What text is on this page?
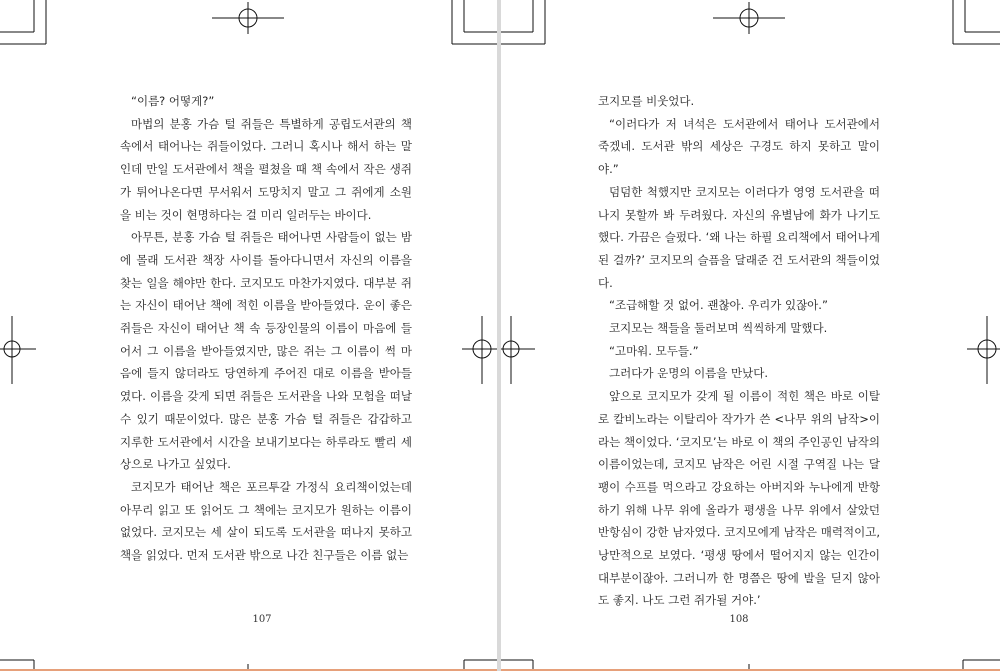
“이름? 어떻게?”

마법의 분홍 가슴 털 쥐들은 특별하게 공립도서관의 책 속에서 태어나는 쥐들이었다. 그러니 혹시나 해서 하는 말인데 만일 도서관에서 책을 펼쳤을 때 책 속에서 작은 생쥐가 튀어나온다면 무서워서 도망치지 말고 그 쥐에게 소원을 비는 것이 현명하다는 걸 미리 일러두는 바이다.

아무튼, 분홍 가슴 털 쥐들은 태어나면 사람들이 없는 밤에 몰래 도서관 책장 사이를 돌아다니면서 자신의 이름을 찾는 일을 해야만 한다. 코지모도 마찬가지였다. 대부분 쥐는 자신이 태어난 책에 적힌 이름을 받아들였다. 운이 좋은 쥐들은 자신이 태어난 책 속 등장인물의 이름이 마음에 들어서 그 이름을 받아들였지만, 많은 쥐는 그 이름이 썩 마음에 들지 않더라도 당연하게 주어진 대로 이름을 받아들였다. 이름을 갖게 되면 쥐들은 도서관을 나와 모험을 떠날 수 있기 때문이었다. 많은 분홍 가슴 털 쥐들은 갑갑하고 지루한 도서관에서 시간을 보내기보다는 하루라도 빨리 세상으로 나가고 싶었다.

코지모가 태어난 책은 포르투갈 가정식 요리책이었는데 아무리 읽고 또 읽어도 그 책에는 코지모가 원하는 이름이 없었다. 코지모는 세 살이 되도록 도서관을 떠나지 못하고 책을 읽었다. 먼저 도서관 밖으로 나간 친구들은 이름 없는

107

코지모를 비웃었다.

“이러다가 저 녀석은 도서관에서 태어나 도서관에서 죽겠네. 도서관 밖의 세상은 구경도 하지 못하고 말이야.”

덤덤한 척했지만 코지모는 이러다가 영영 도서관을 떠나지 못할까 봐 두려웠다. 자신의 유별남에 화가 나기도 했다. 가끔은 슬펐다. ‘왜 나는 하필 요리책에서 태어나게 된 걸까?’ 코지모의 슬픔을 달래준 건 도서관의 책들이었다.

“조급해할 것 없어. 괜찮아. 우리가 있잖아.”

코지모는 책들을 둘러보며 씩씩하게 말했다.

“고마워. 모두들.”

그러다가 운명의 이름을 만났다.

앞으로 코지모가 갖게 될 이름이 적힌 책은 바로 이탈로 칼비노라는 이탈리아 작가가 쓴 <나무 위의 남작>이라는 책이었다. ‘코지모’는 바로 이 책의 주인공인 남작의 이름이었는데, 코지모 남작은 어린 시절 구역질 나는 달팽이 수프를 먹으라고 강요하는 아버지와 누나에게 반항하기 위해 나무 위에 올라가 평생을 나무 위에서 살았던 반항심이 강한 남자였다. 코지모에게 남작은 매력적이고, 낭만적으로 보였다. ‘평생 땅에서 떨어지지 않는 인간이 대부분이잖아. 그러니까 한 명쯤은 땅에 발을 딛지 않아도 좋지. 나도 그런 쥐가될 거야.’

108
